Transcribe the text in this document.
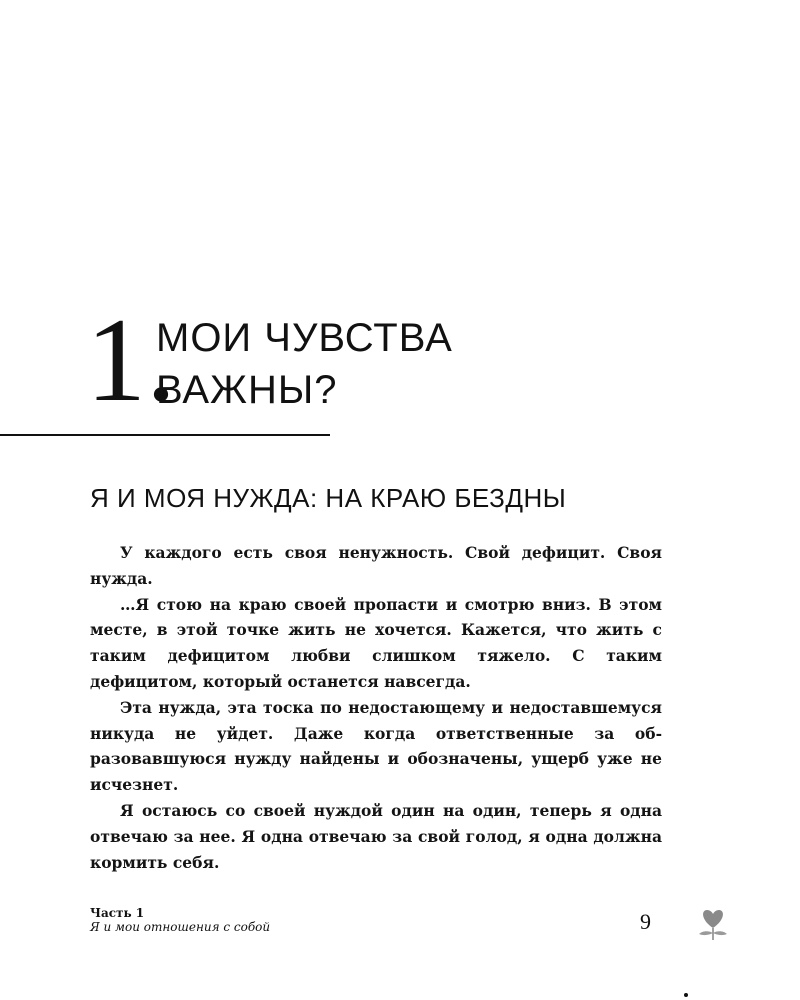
1.
МОИ ЧУВСТВА
ВАЖНЫ?
Я И МОЯ НУЖДА: НА КРАЮ БЕЗДНЫ

У каждого есть своя ненужность. Свой дефицит. Своя нужда.

…Я стою на краю своей пропасти и смотрю вниз. В этом месте, в этой точке жить не хочется. Кажется, что жить с таким дефицитом любви слишком тяжело. С таким дефицитом, который останется навсегда.

Эта нужда, эта тоска по недостающему и недоставшемуся никуда не уйдет. Даже когда ответственные за образовавшуюся нужду найдены и обозначены, ущерб уже не исчезнет.

Я остаюсь со своей нуждой один на один, теперь я одна отвечаю за нее. Я одна отвечаю за свой голод, я одна должна кормить себя.

Часть 1
Я и мои отношения с собой	9
